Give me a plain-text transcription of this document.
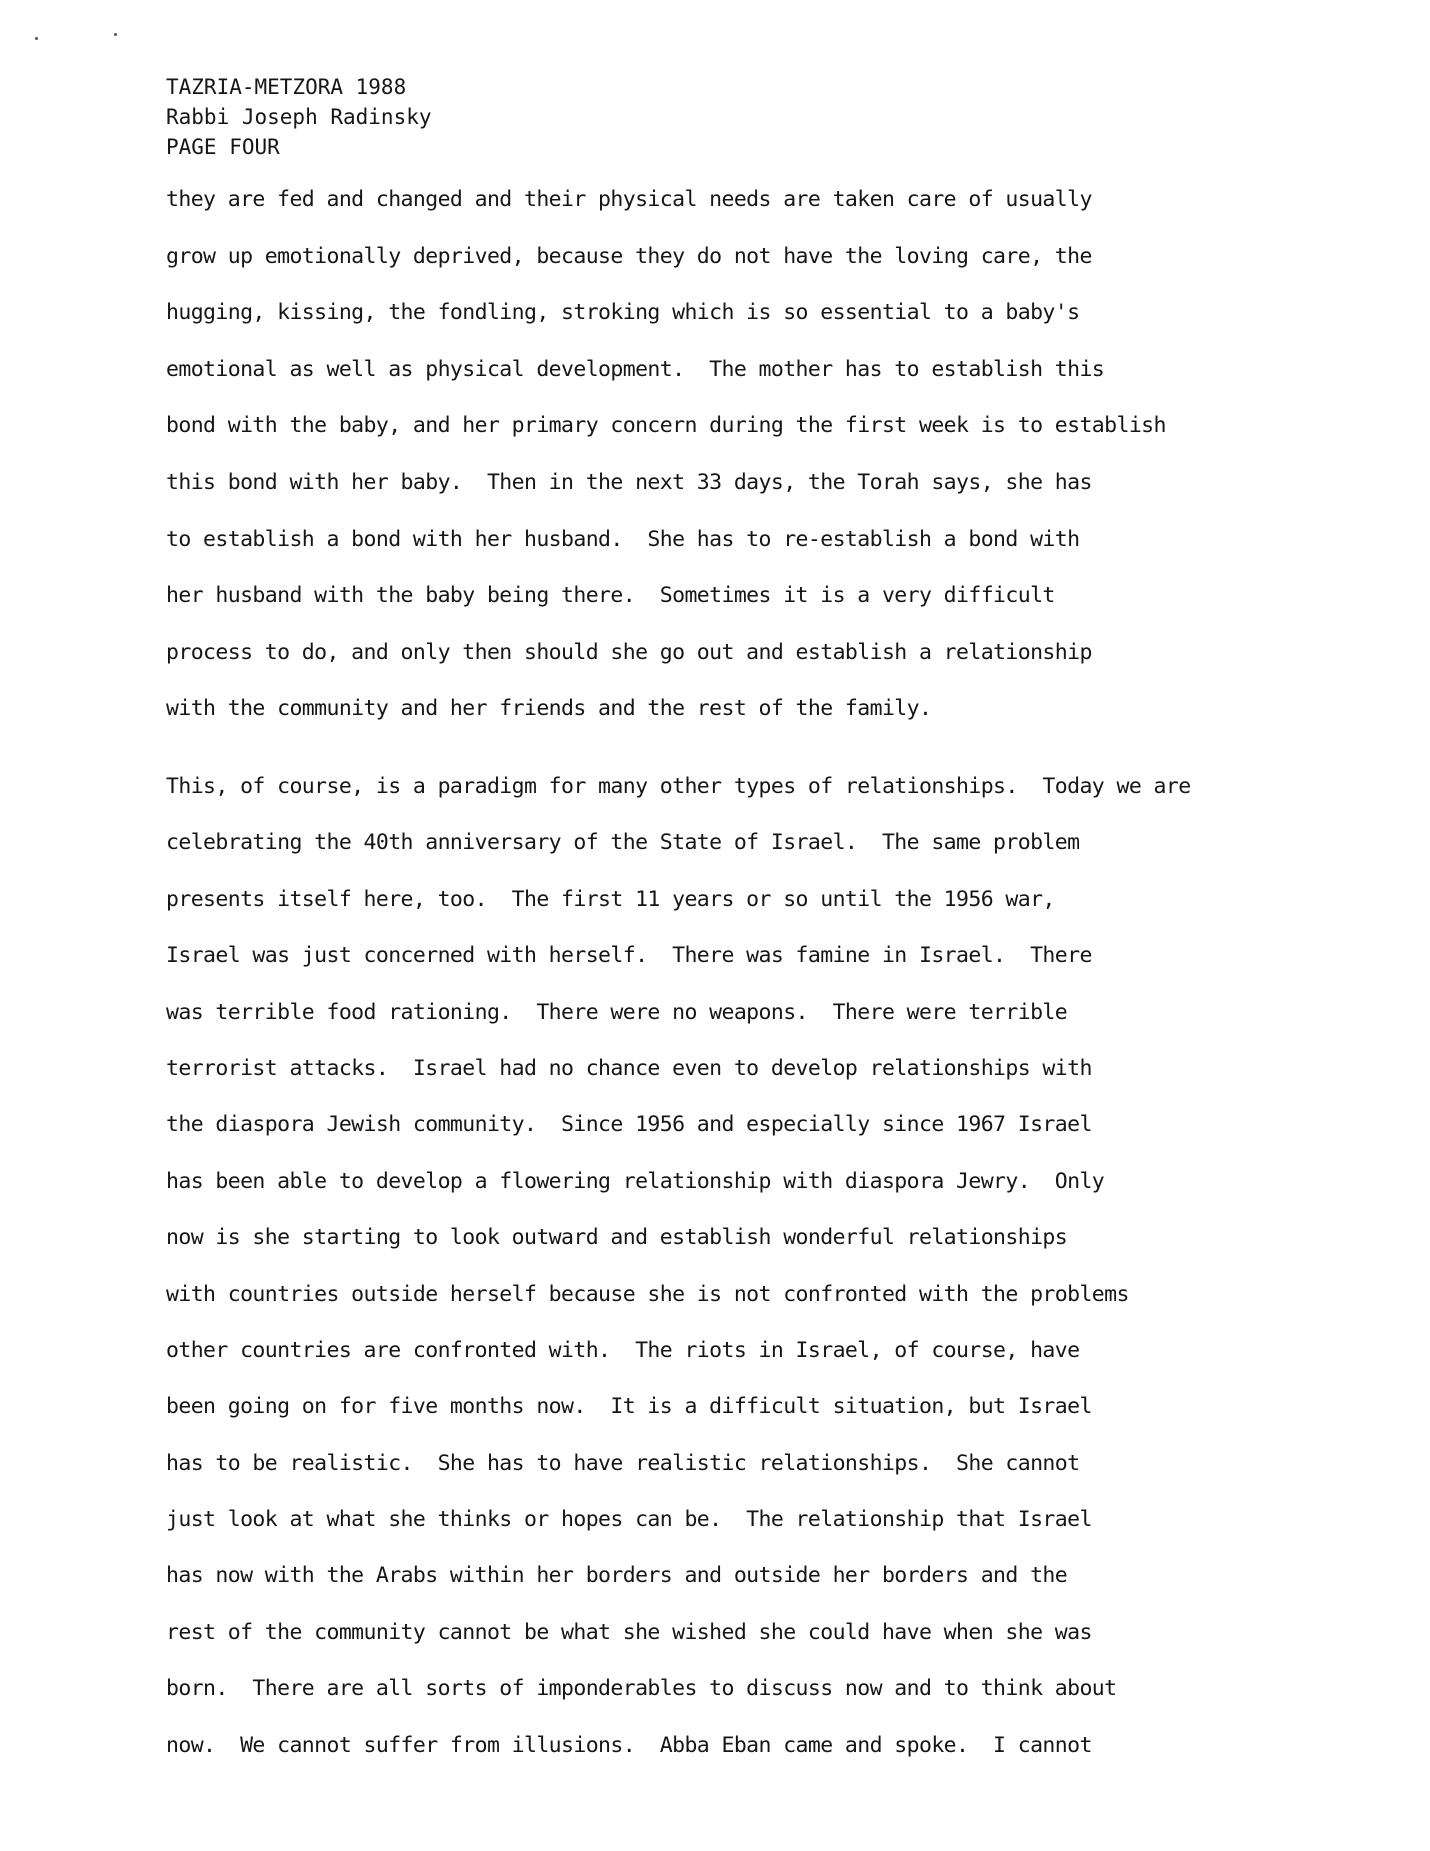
TAZRIA-METZORA 1988
Rabbi Joseph Radinsky
PAGE FOUR
they are fed and changed and their physical needs are taken care of usually
grow up emotionally deprived, because they do not have the loving care, the
hugging, kissing, the fondling, stroking which is so essential to a baby's
emotional as well as physical development.  The mother has to establish this
bond with the baby, and her primary concern during the first week is to establish
this bond with her baby.  Then in the next 33 days, the Torah says, she has
to establish a bond with her husband.  She has to re-establish a bond with
her husband with the baby being there.  Sometimes it is a very difficult
process to do, and only then should she go out and establish a relationship
with the community and her friends and the rest of the family.
This, of course, is a paradigm for many other types of relationships.  Today we are
celebrating the 40th anniversary of the State of Israel.  The same problem
presents itself here, too.  The first 11 years or so until the 1956 war,
Israel was just concerned with herself.  There was famine in Israel.  There
was terrible food rationing.  There were no weapons.  There were terrible
terrorist attacks.  Israel had no chance even to develop relationships with
the diaspora Jewish community.  Since 1956 and especially since 1967 Israel
has been able to develop a flowering relationship with diaspora Jewry.  Only
now is she starting to look outward and establish wonderful relationships
with countries outside herself because she is not confronted with the problems
other countries are confronted with.  The riots in Israel, of course, have
been going on for five months now.  It is a difficult situation, but Israel
has to be realistic.  She has to have realistic relationships.  She cannot
just look at what she thinks or hopes can be.  The relationship that Israel
has now with the Arabs within her borders and outside her borders and the
rest of the community cannot be what she wished she could have when she was
born.  There are all sorts of imponderables to discuss now and to think about
now.  We cannot suffer from illusions.  Abba Eban came and spoke.  I cannot
